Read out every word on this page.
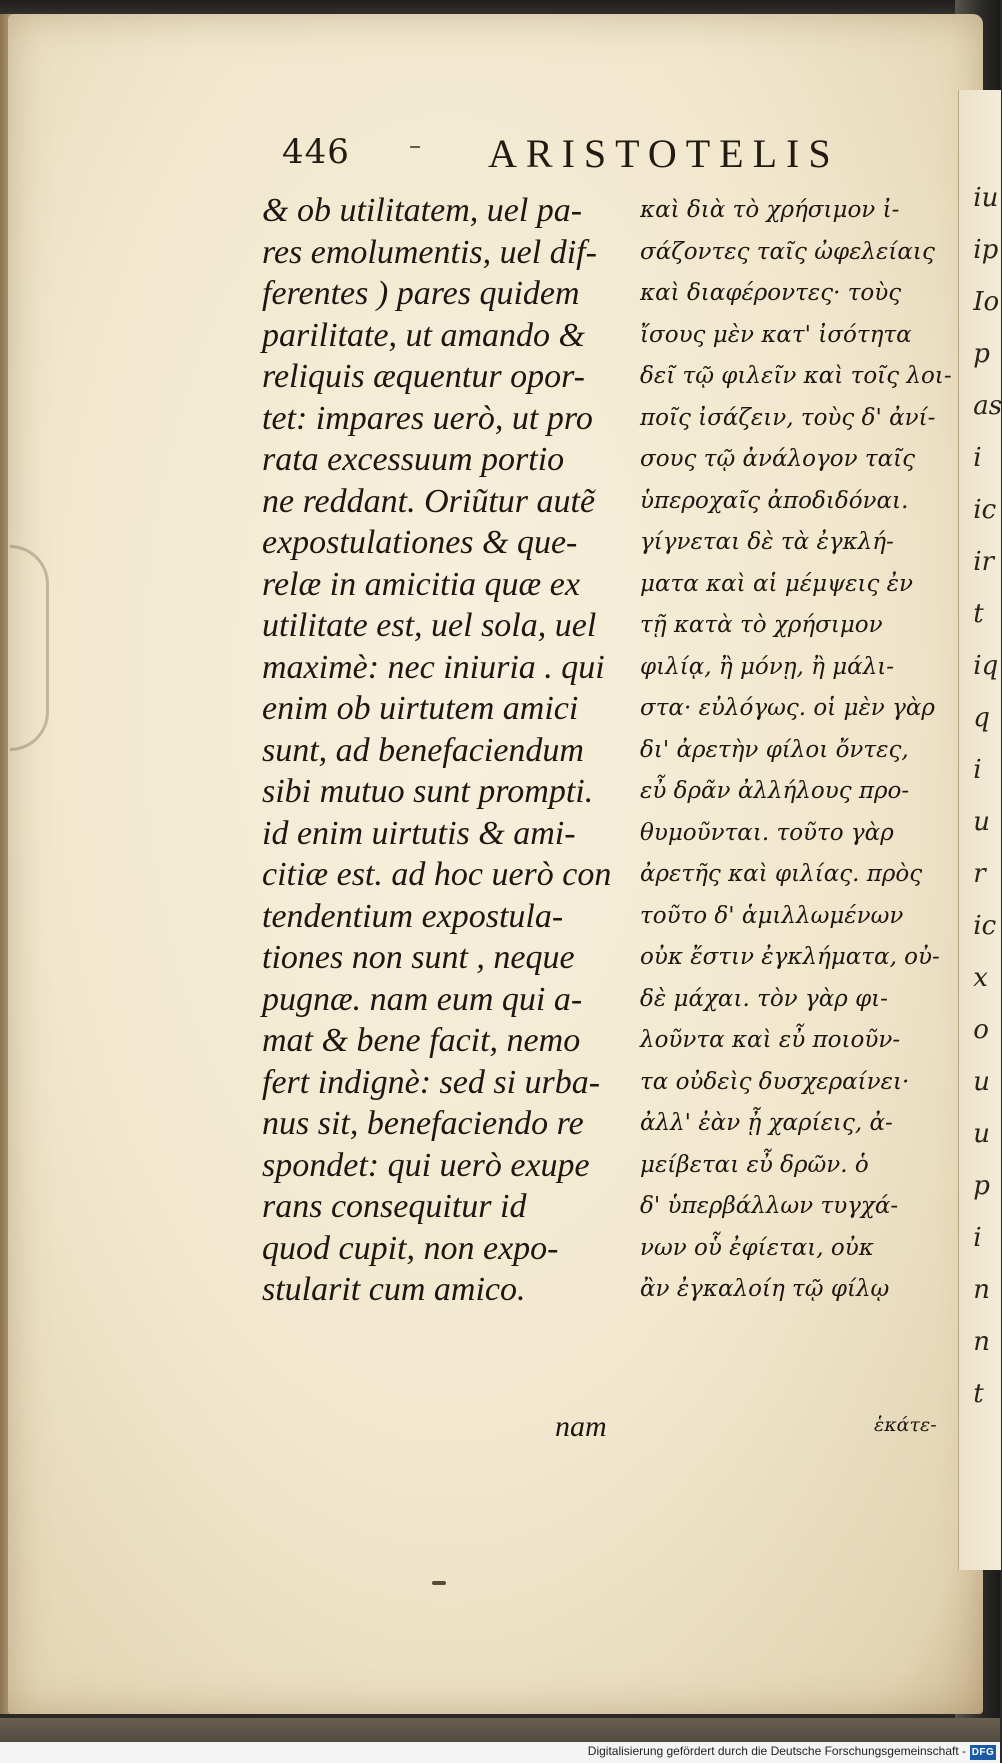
iu
ip
Io
p
as
i
ic
ir
t
iq
q
i
u
r
ic
x
o
u
u
p
i
n
n
t
446	ARISTOTELIS
& ob utilitatem, uel pa-
res emolumentis, uel dif-
ferentes ) pares quidem
parilitate, ut amando &
reliquis æquentur opor-
tet: impares uerò, ut pro
rata excessuum portio
ne reddant. Oriũtur autẽ
expostulationes & que-
relæ in amicitia quæ ex
utilitate est, uel sola, uel
maximè: nec iniuria . qui
enim ob uirtutem amici
sunt, ad benefaciendum
sibi mutuo sunt prompti.
id enim uirtutis & ami-
citiæ est. ad hoc uerò con
tendentium expostula-
tiones non sunt , neque
pugnæ. nam eum qui a-
mat & bene facit, nemo
fert indignè: sed si urba-
nus sit, benefaciendo re
spondet: qui uerò exupe
rans consequitur id
quod cupit, non expo-
stularit cum amico.
καὶ διὰ τὸ χρήσιμον ἰ-
σάζοντες ταῖς ὠφελείαις
καὶ διαφέροντες· τοὺς
ἴσους μὲν κατ' ἰσότητα
δεῖ τῷ φιλεῖν καὶ τοῖς λοι-
ποῖς ἰσάζειν, τοὺς δ' ἀνί-
σους τῷ ἀνάλογον ταῖς
ὑπεροχαῖς ἀποδιδόναι.
γίγνεται δὲ τὰ ἐγκλή-
ματα καὶ αἱ μέμψεις ἐν
τῇ κατὰ τὸ χρήσιμον
φιλίᾳ, ἢ μόνῃ, ἢ μάλι-
στα· εὐλόγως. οἱ μὲν γὰρ
δι' ἀρετὴν φίλοι ὄντες,
εὖ δρᾶν ἀλλήλους προ-
θυμοῦνται. τοῦτο γὰρ
ἀρετῆς καὶ φιλίας. πρὸς
τοῦτο δ' ἁμιλλωμένων
οὐκ ἔστιν ἐγκλήματα, οὐ-
δὲ μάχαι. τὸν γὰρ φι-
λοῦντα καὶ εὖ ποιοῦν-
τα οὐδεὶς δυσχεραίνει·
ἀλλ' ἐὰν ᾖ χαρίεις, ἀ-
μείβεται εὖ δρῶν. ὁ
δ' ὑπερβάλλων τυγχά-
νων οὗ ἐφίεται, οὐκ
ἂν ἐγκαλοίη τῷ φίλῳ
nam	ἑκάτε-
Digitalisierung gefördert durch die Deutsche Forschungsgemeinschaft - DFG
